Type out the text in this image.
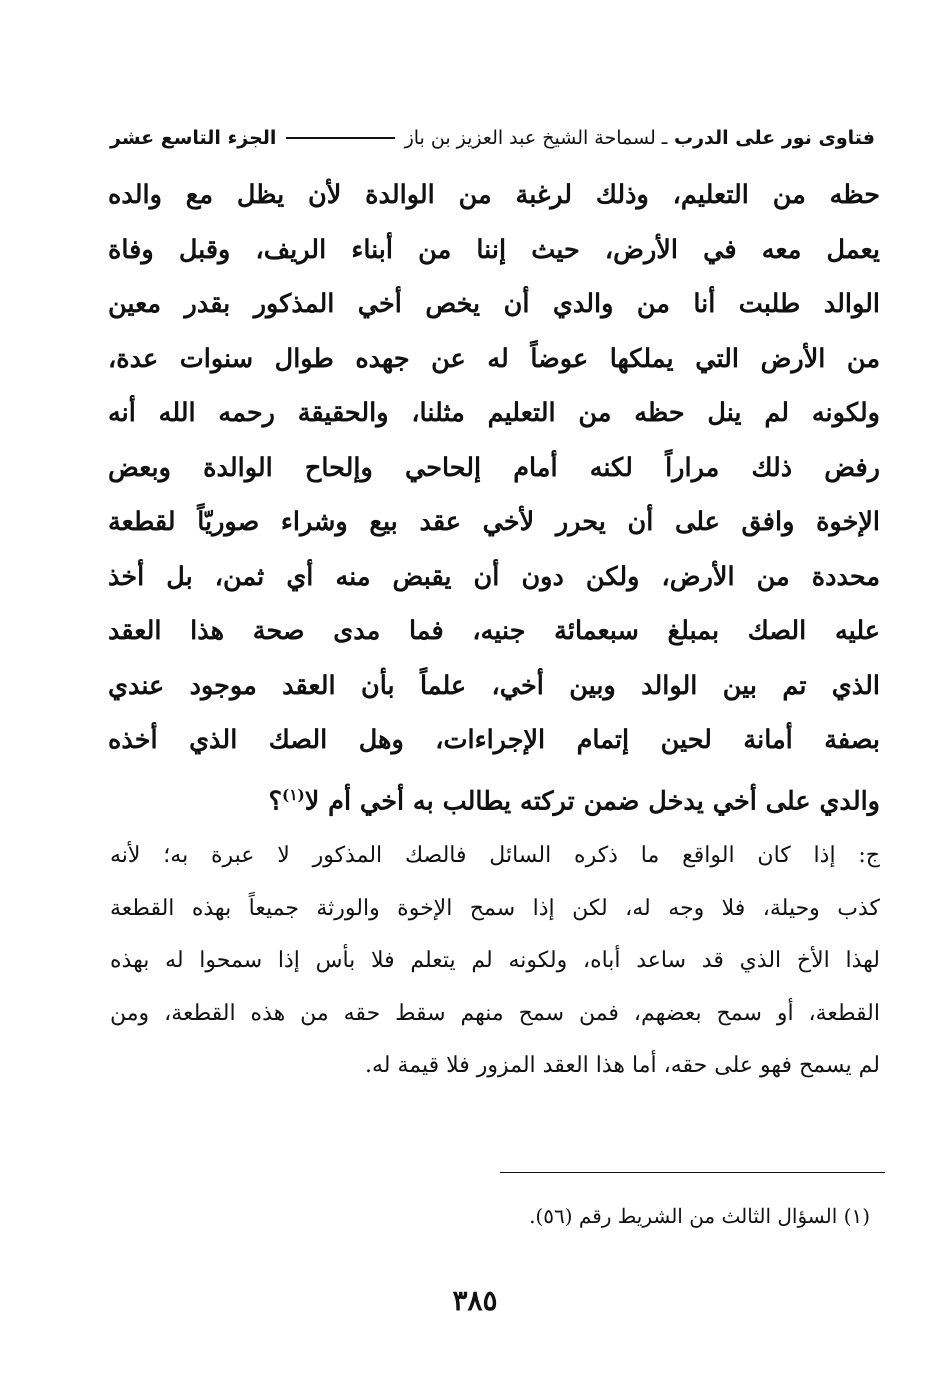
فتاوى نور على الدرب ـ لسماحة الشيخ عبد العزيز بن باز
الجزء التاسع عشر
حظه من التعليم، وذلك لرغبة من الوالدة لأن يظل مع والده
يعمل معه في الأرض، حيث إننا من أبناء الريف، وقبل وفاة
الوالد طلبت أنا من والدي أن يخص أخي المذكور بقدر معين
من الأرض التي يملكها عوضاً له عن جهده طوال سنوات عدة،
ولكونه لم ينل حظه من التعليم مثلنا، والحقيقة رحمه الله أنه
رفض ذلك مراراً لكنه أمام إلحاحي وإلحاح الوالدة وبعض
الإخوة وافق على أن يحرر لأخي عقد بيع وشراء صوريّاً لقطعة
محددة من الأرض، ولكن دون أن يقبض منه أي ثمن، بل أخذ
عليه الصك بمبلغ سبعمائة جنيه، فما مدى صحة هذا العقد
الذي تم بين الوالد وبين أخي، علماً بأن العقد موجود عندي
بصفة أمانة لحين إتمام الإجراءات، وهل الصك الذي أخذه
والدي على أخي يدخل ضمن تركته يطالب به أخي أم لا$^{(١)}$؟
ج: إذا كان الواقع ما ذكره السائل فالصك المذكور لا عبرة به؛ لأنه
كذب وحيلة، فلا وجه له، لكن إذا سمح الإخوة والورثة جميعاً بهذه القطعة
لهذا الأخ الذي قد ساعد أباه، ولكونه لم يتعلم فلا بأس إذا سمحوا له بهذه
القطعة، أو سمح بعضهم، فمن سمح منهم سقط حقه من هذه القطعة، ومن
لم يسمح فهو على حقه، أما هذا العقد المزور فلا قيمة له.
(١) السؤال الثالث من الشريط رقم (٥٦).
٣٨٥
